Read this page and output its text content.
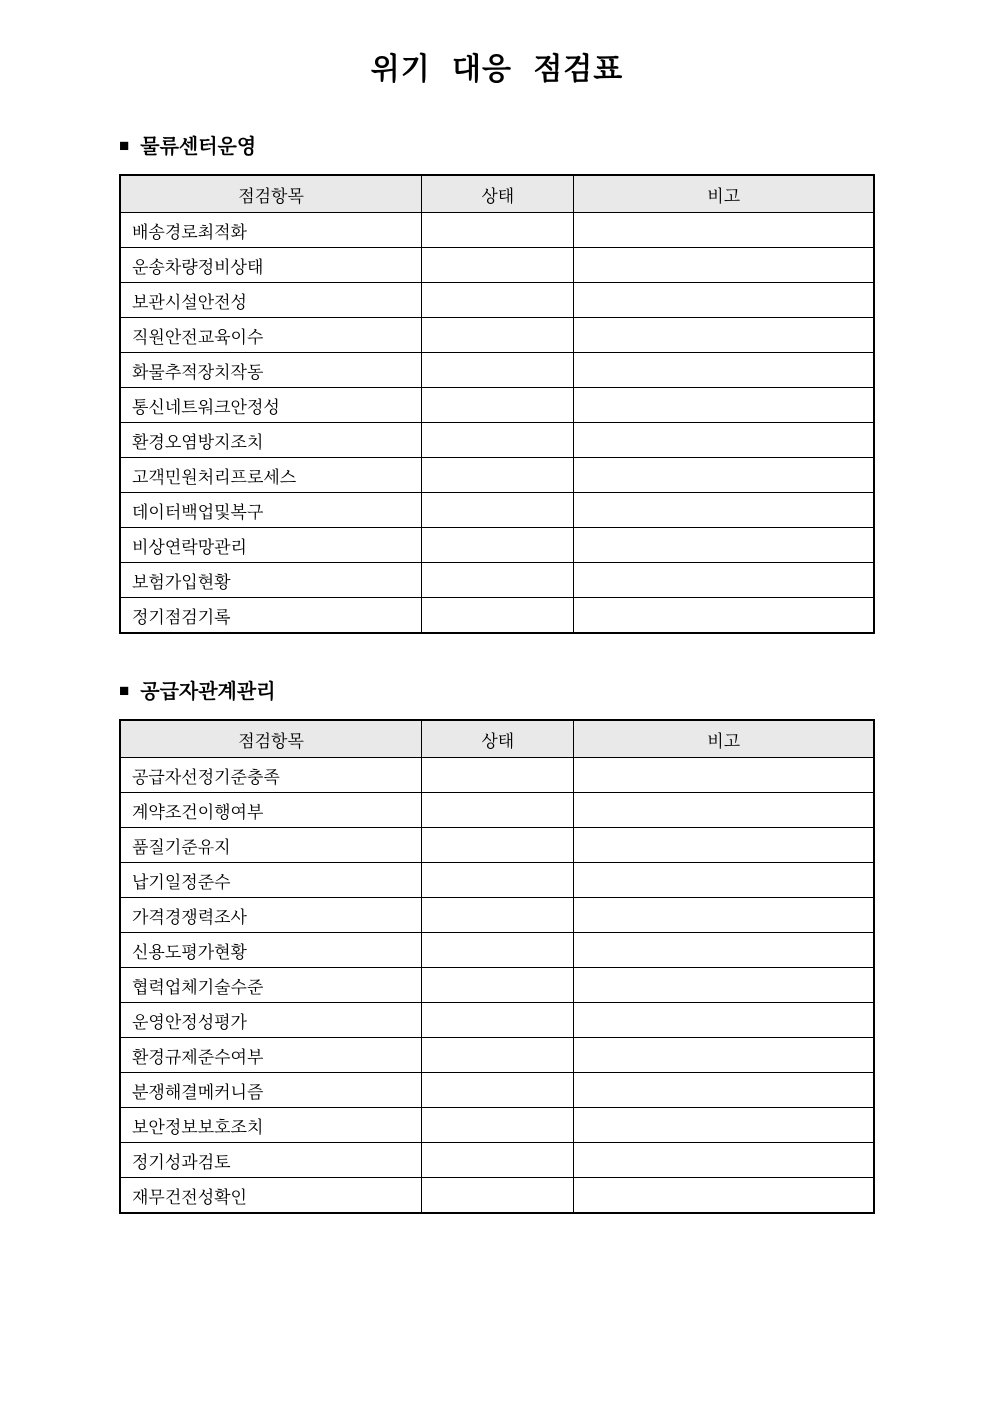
위기 대응 점검표
■ 물류센터운영
점검항목	상태	비고
배송경로최적화		
운송차량정비상태		
보관시설안전성		
직원안전교육이수		
화물추적장치작동		
통신네트워크안정성		
환경오염방지조치		
고객민원처리프로세스		
데이터백업및복구		
비상연락망관리		
보험가입현황		
정기점검기록		
■ 공급자관계관리
점검항목	상태	비고
공급자선정기준충족		
계약조건이행여부		
품질기준유지		
납기일정준수		
가격경쟁력조사		
신용도평가현황		
협력업체기술수준		
운영안정성평가		
환경규제준수여부		
분쟁해결메커니즘		
보안정보보호조치		
정기성과검토		
재무건전성확인		
